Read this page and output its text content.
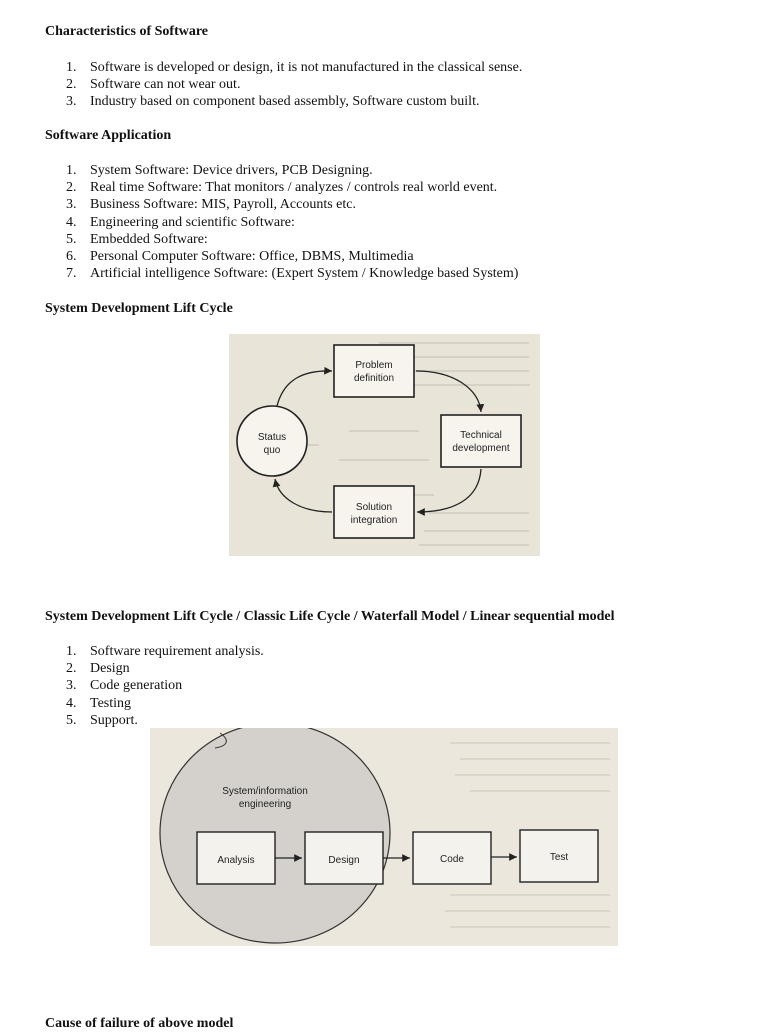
Characteristics of Software
1. Software is developed or design, it is not manufactured in the classical sense.
2. Software can not wear out.
3. Industry based on component based assembly, Software custom built.
Software Application
1. System Software: Device drivers, PCB Designing.
2. Real time Software: That monitors / analyzes / controls real world event.
3. Business Software: MIS, Payroll, Accounts etc.
4. Engineering and scientific Software:
5. Embedded Software:
6. Personal Computer Software: Office, DBMS, Multimedia
7. Artificial intelligence Software: (Expert System / Knowledge based System)
System Development Lift Cycle
Problem
definition
Technical
development
Solution
integration
Status
quo
System Development Lift Cycle / Classic Life Cycle / Waterfall Model / Linear sequential model
1. Software requirement analysis.
2. Design
3. Code generation
4. Testing
5. Support.
System/information
engineering
Analysis	Design	Code	Test
Cause of failure of above model
